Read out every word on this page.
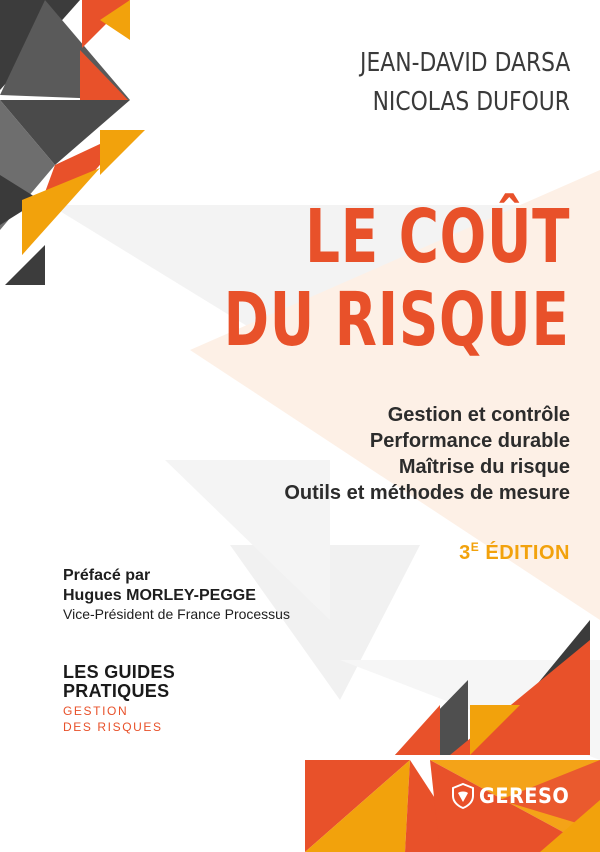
JEAN-DAVID DARSA
NICOLAS DUFOUR
LE COÛT
DU RISQUE
Gestion et contrôle
Performance durable
Maîtrise du risque
Outils et méthodes de mesure
$3^E$ ÉDITION
Préfacé par
Hugues MORLEY-PEGGE
Vice-Président de France Processus
LES GUIDES
PRATIQUES
GESTION
DES RISQUES
GERESO
